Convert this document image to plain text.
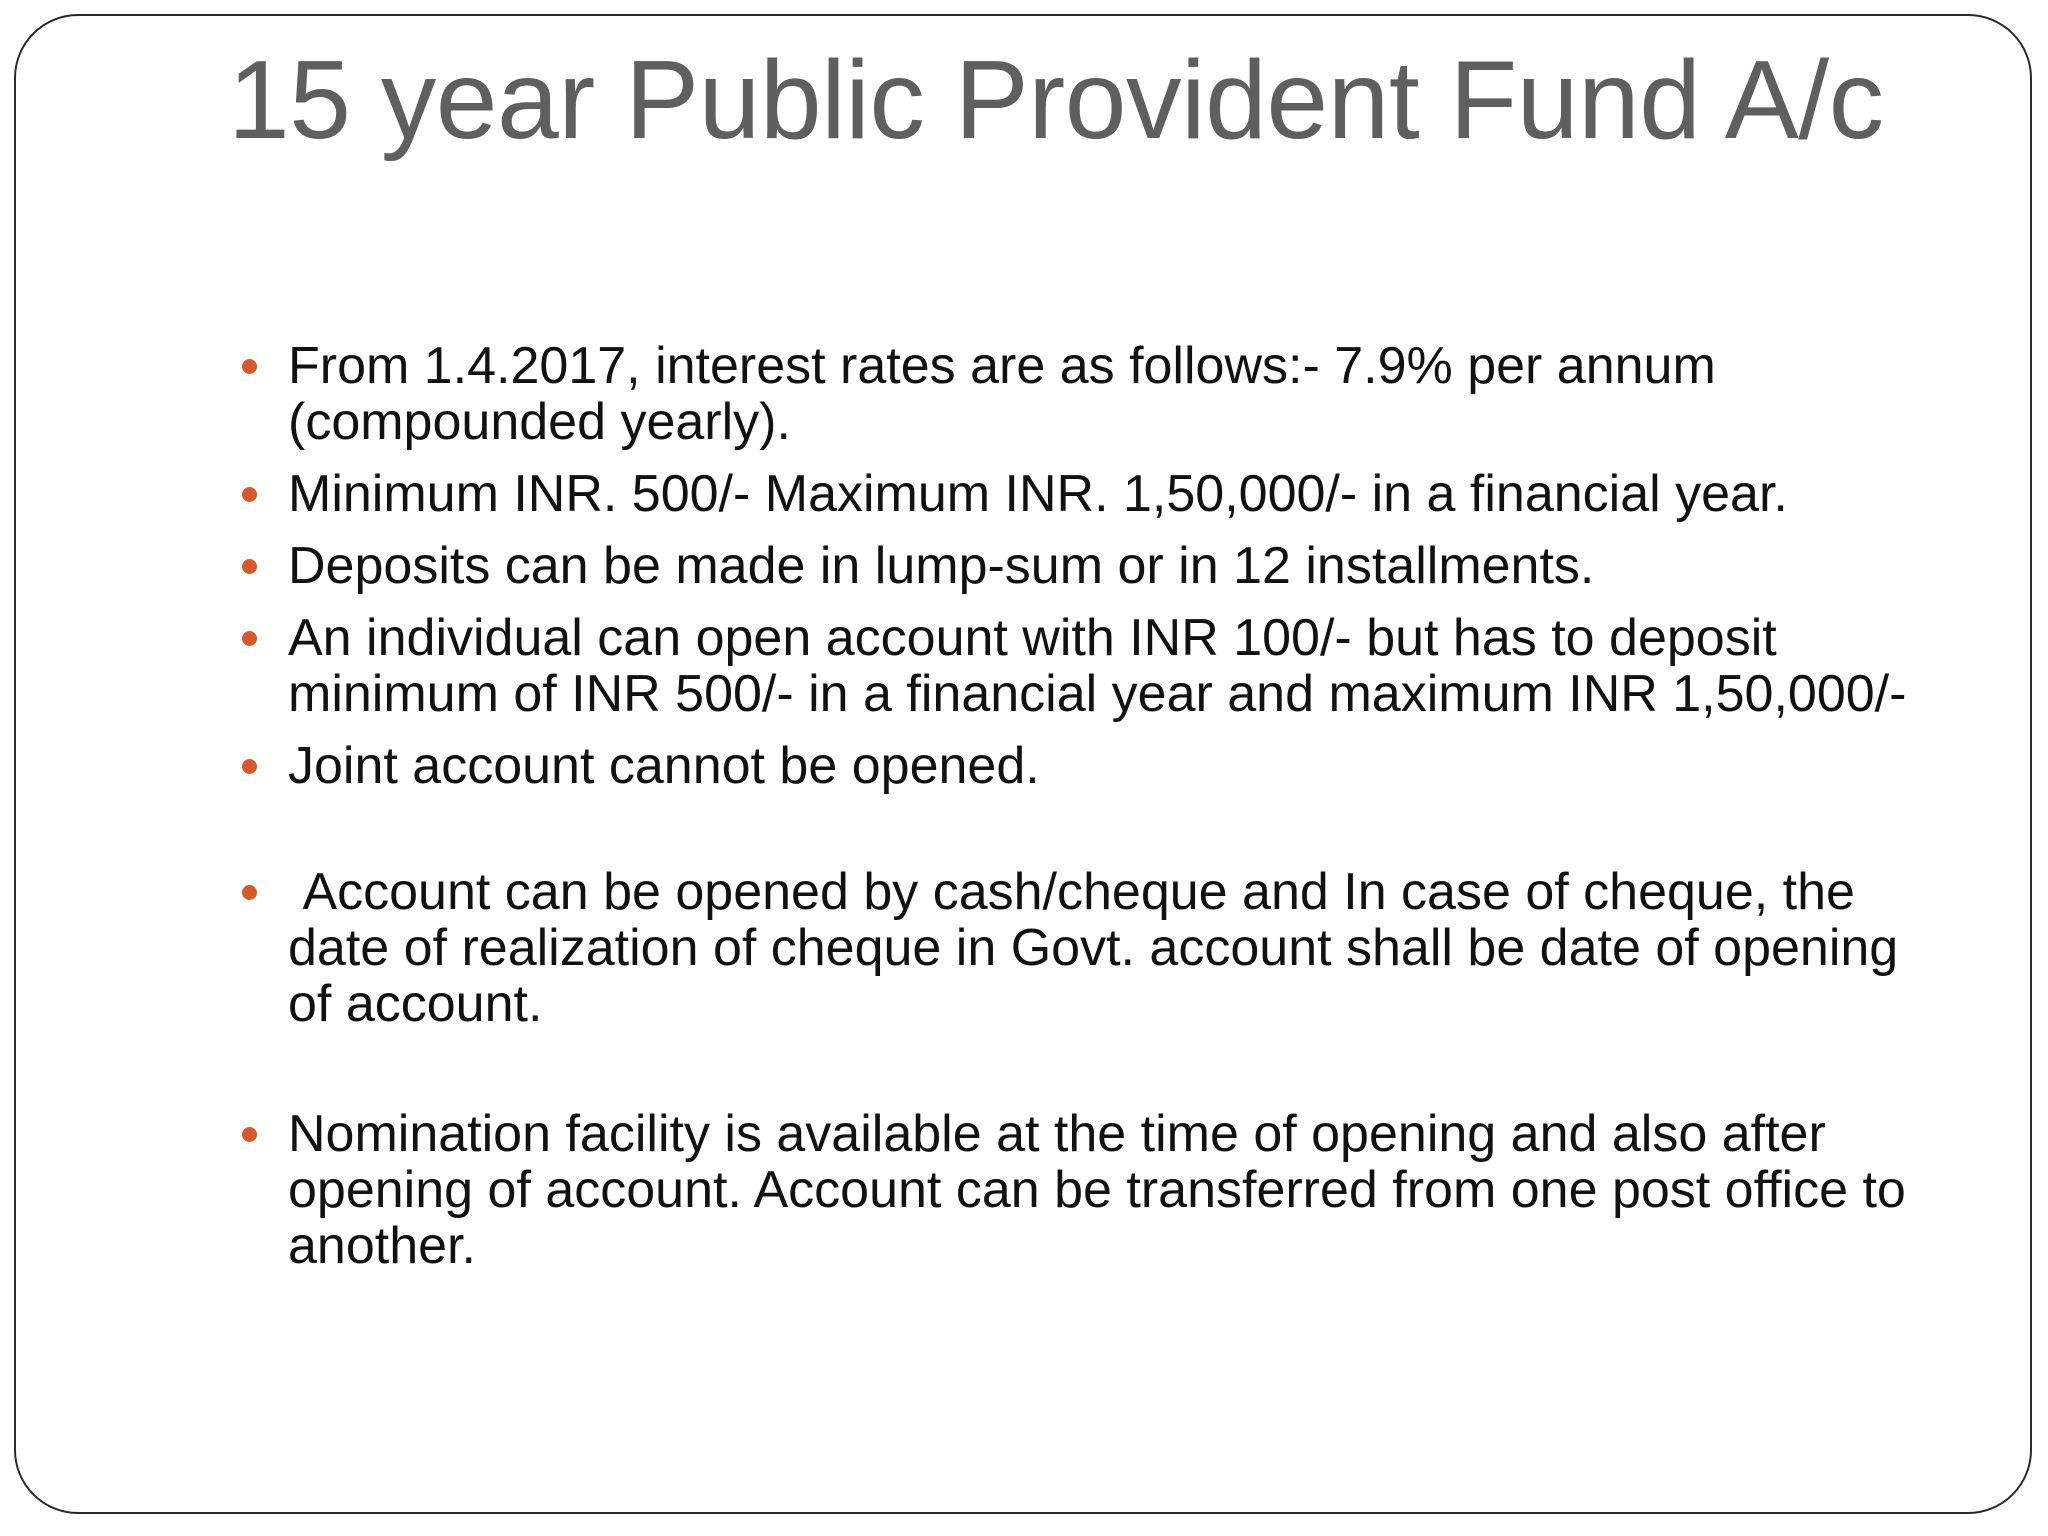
15 year Public Provident Fund A/c
From 1.4.2017, interest rates are as follows:- 7.9% per annum (compounded yearly).
Minimum INR. 500/- Maximum INR. 1,50,000/- in a financial year.
Deposits can be made in lump-sum or in 12 installments.
An individual can open account with INR 100/- but has to deposit minimum of INR 500/- in a financial year and maximum INR 1,50,000/-
Joint account cannot be opened.
Account can be opened by cash/cheque and In case of cheque, the date of realization of cheque in Govt. account shall be date of opening of account.
Nomination facility is available at the time of opening and also after opening of account. Account can be transferred from one post office to another.
